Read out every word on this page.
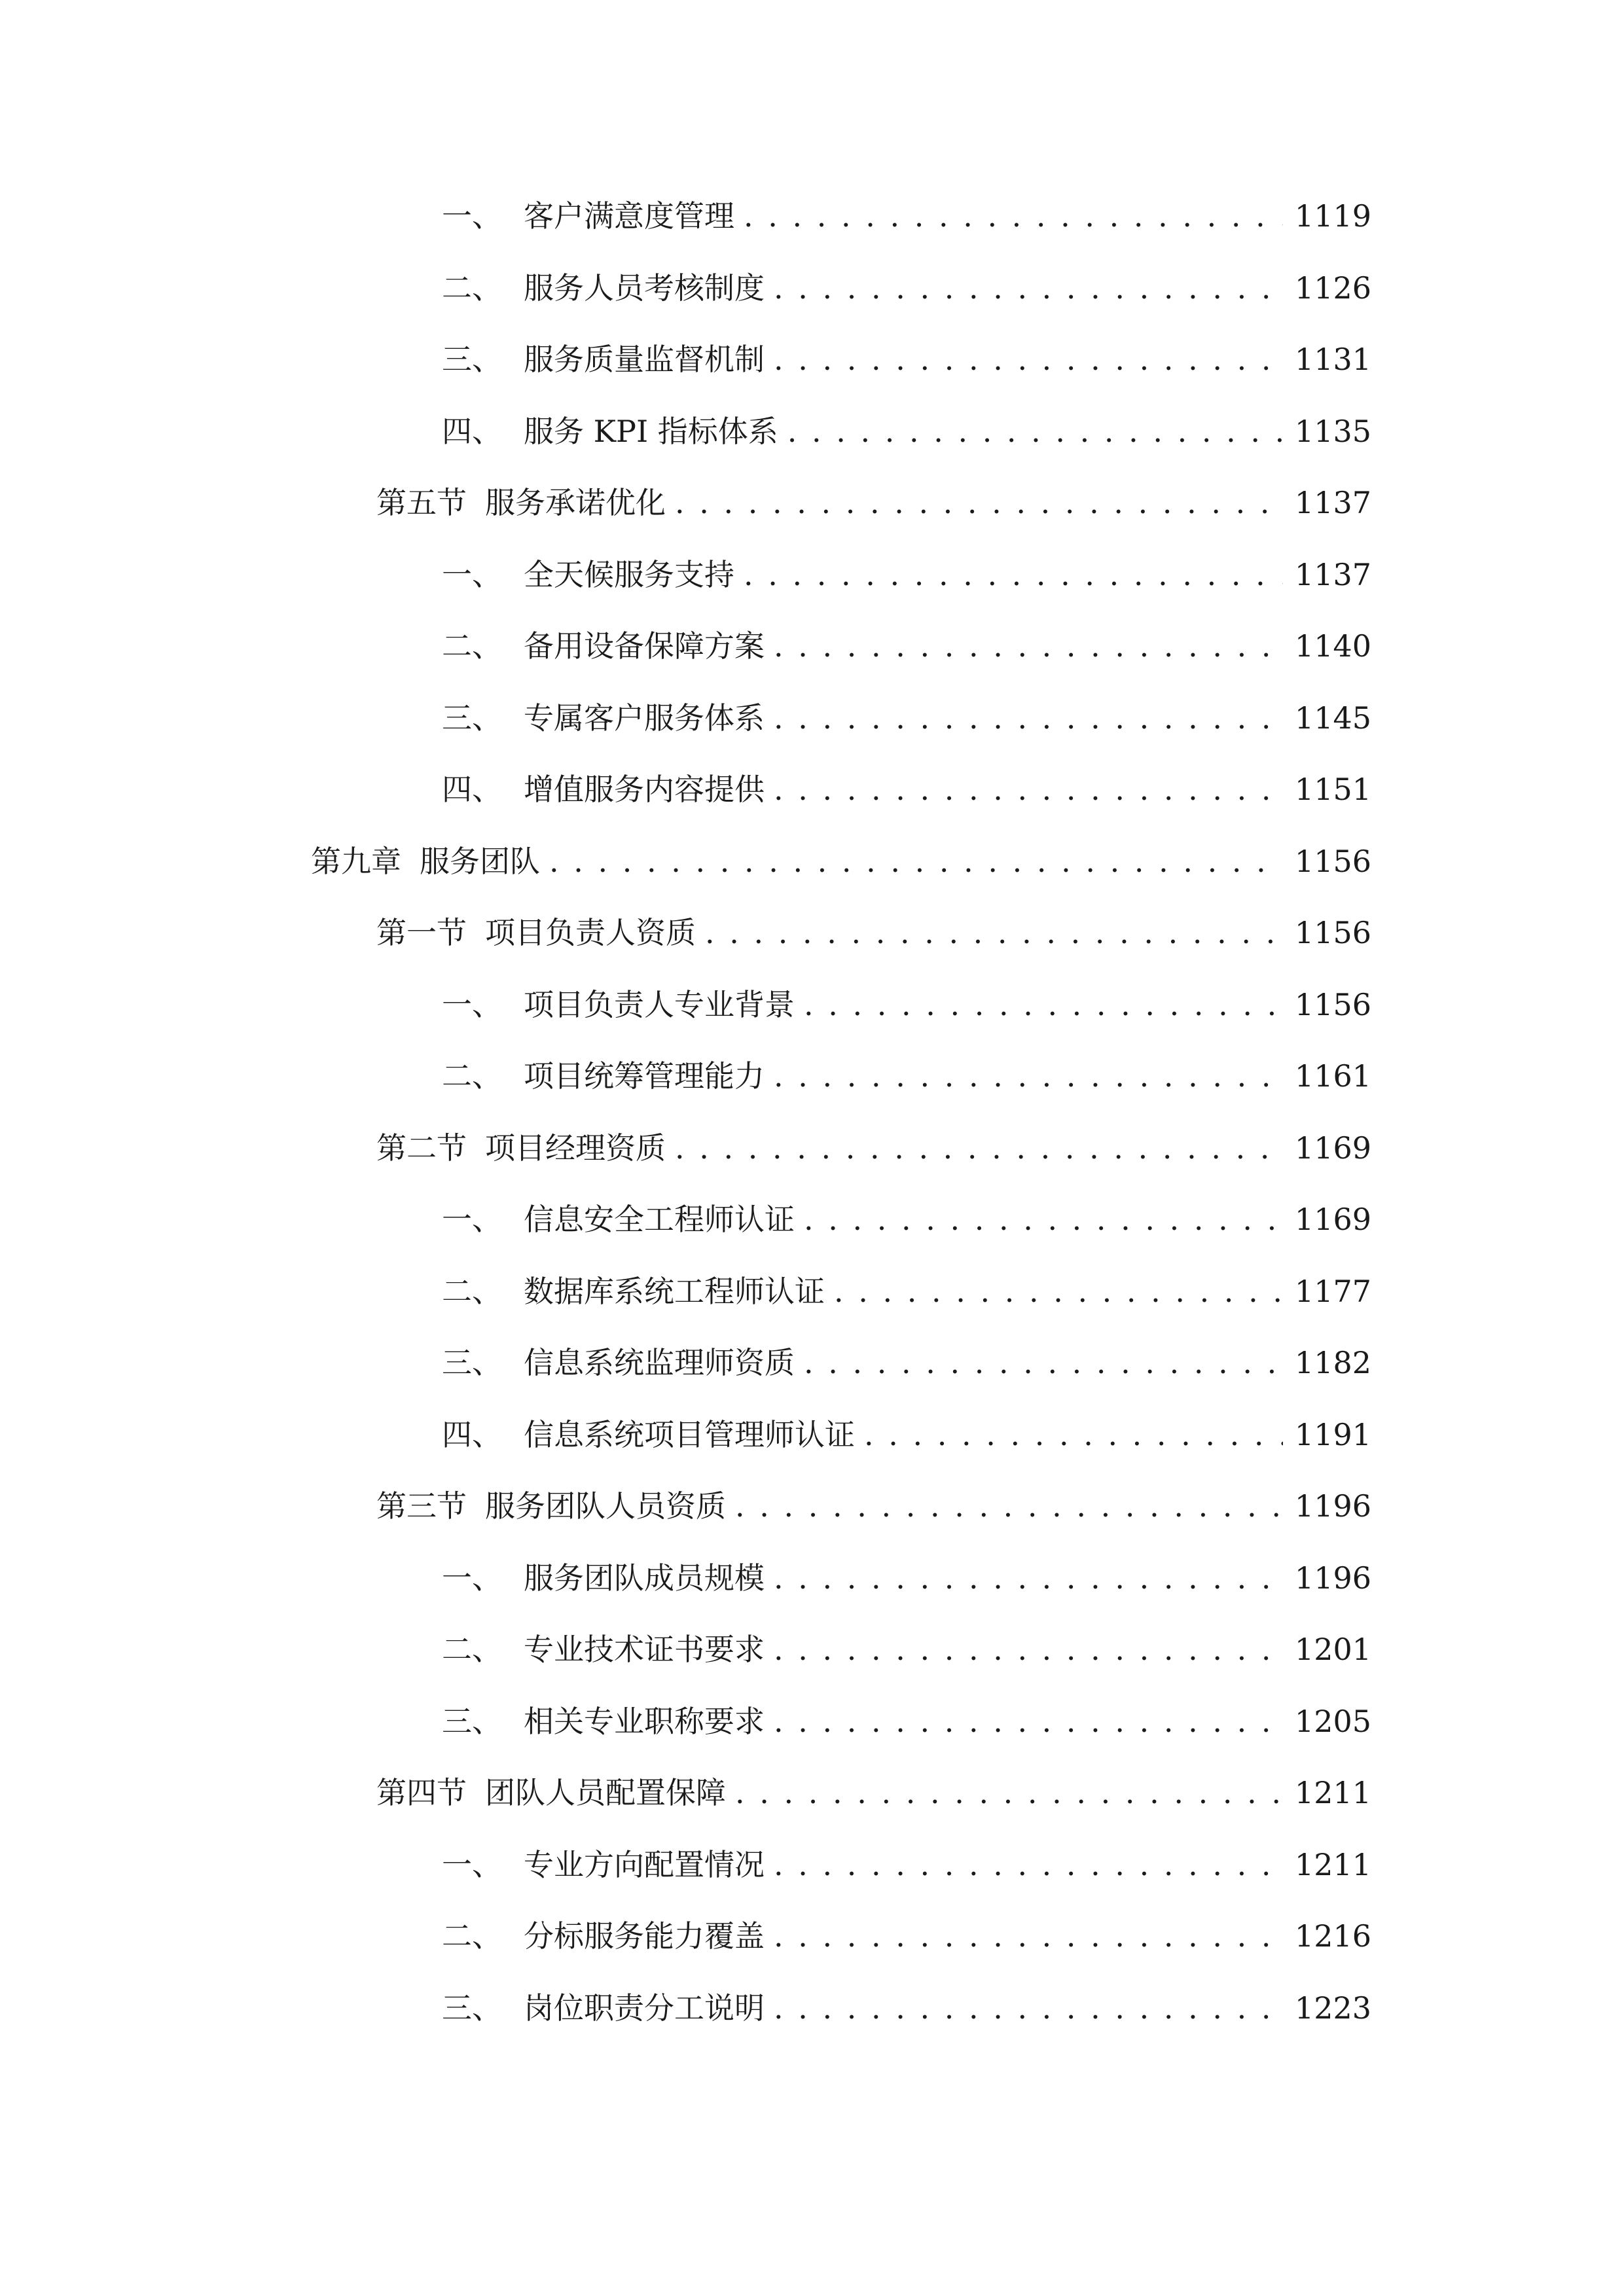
一、 客户满意度管理 . . .	1119
二、 服务人员考核制度 . . .	1126
三、 服务质量监督机制 . . .	1131
四、 服务 KPI 指标体系 . . .	1135
第五节 服务承诺优化 . . .	1137
一、 全天候服务支持 . . .	1137
二、 备用设备保障方案 . . .	1140
三、 专属客户服务体系 . . .	1145
四、 增值服务内容提供 . . .	1151
第九章 服务团队 . . .	1156
第一节 项目负责人资质 . . .	1156
一、 项目负责人专业背景 . . .	1156
二、 项目统筹管理能力 . . .	1161
第二节 项目经理资质 . . .	1169
一、 信息安全工程师认证 . . .	1169
二、 数据库系统工程师认证 . . .	1177
三、 信息系统监理师资质 . . .	1182
四、 信息系统项目管理师认证 . . .	1191
第三节 服务团队人员资质 . . .	1196
一、 服务团队成员规模 . . .	1196
二、 专业技术证书要求 . . .	1201
三、 相关专业职称要求 . . .	1205
第四节 团队人员配置保障 . . .	1211
一、 专业方向配置情况 . . .	1211
二、 分标服务能力覆盖 . . .	1216
三、 岗位职责分工说明 . . .	1223
